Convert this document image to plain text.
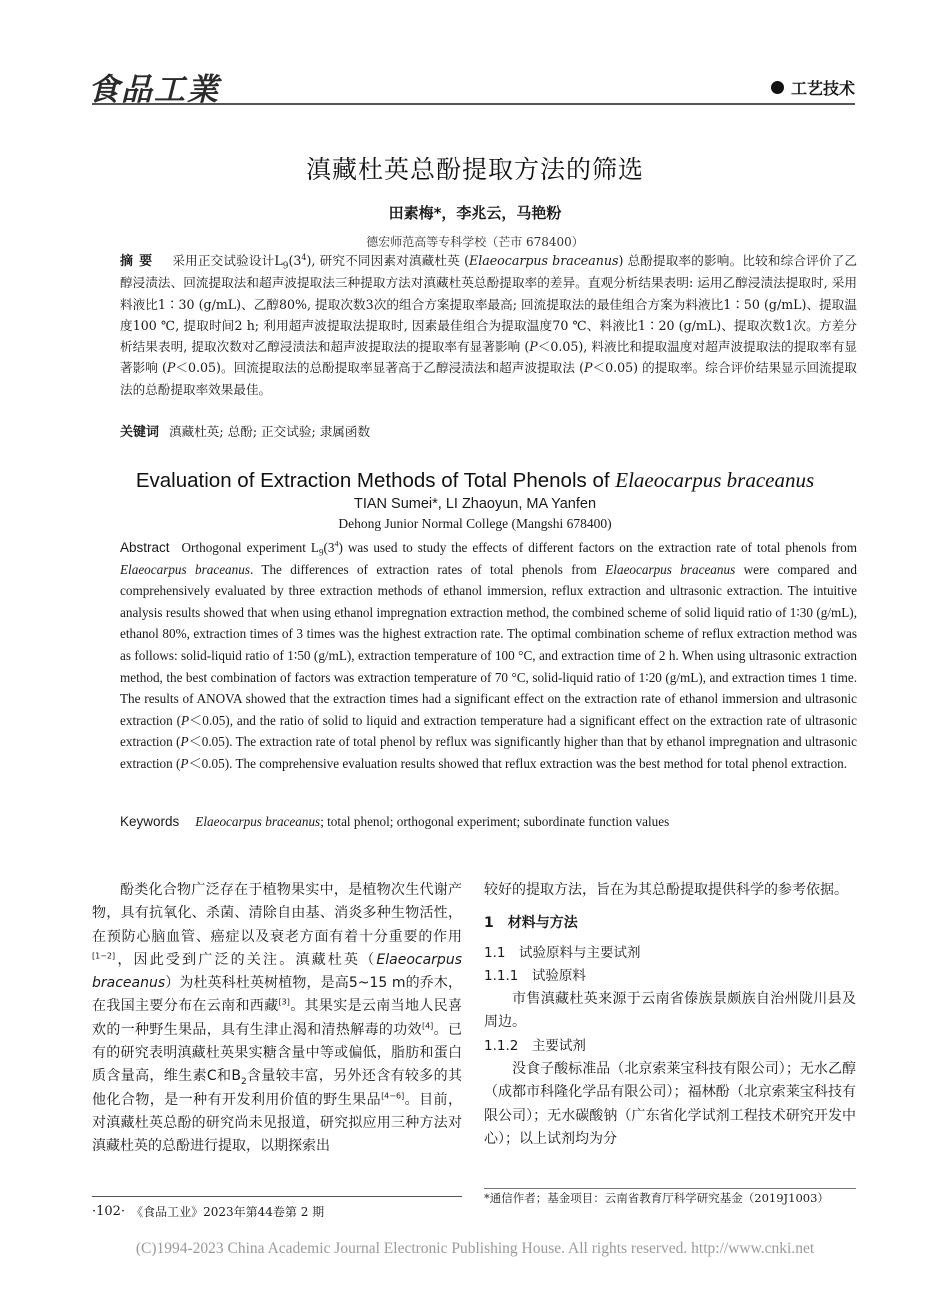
食品工業	工艺技术
滇藏杜英总酚提取方法的筛选
田素梅*，李兆云，马艳粉
德宏师范高等专科学校（芒市 678400）
摘要 采用正交试验设计$L_9(3^4)$, 研究不同因素对滇藏杜英 (Elaeocarpus braceanus) 总酚提取率的影响。比较和综合评价了乙醇浸渍法、回流提取法和超声波提取法三种提取方法对滇藏杜英总酚提取率的差异。直观分析结果表明: 运用乙醇浸渍法提取时, 采用料液比1∶30 (g/mL)、乙醇80%, 提取次数3次的组合方案提取率最高; 回流提取法的最佳组合方案为料液比1∶50 (g/mL)、提取温度100 ℃, 提取时间2 h; 利用超声波提取法提取时, 因素最佳组合为提取温度70 ℃、料液比1∶20 (g/mL)、提取次数1次。方差分析结果表明, 提取次数对乙醇浸渍法和超声波提取法的提取率有显著影响 (P＜0.05), 料液比和提取温度对超声波提取法的提取率有显著影响 (P＜0.05)。回流提取法的总酚提取率显著高于乙醇浸渍法和超声波提取法 (P＜0.05) 的提取率。综合评价结果显示回流提取法的总酚提取率效果最佳。
关键词 滇藏杜英; 总酚; 正交试验; 隶属函数
Evaluation of Extraction Methods of Total Phenols of Elaeocarpus braceanus
TIAN Sumei*, LI Zhaoyun, MA Yanfen
Dehong Junior Normal College (Mangshi 678400)
Abstract Orthogonal experiment $L_9(3^4)$ was used to study the effects of different factors on the extraction rate of total phenols from Elaeocarpus braceanus. The differences of extraction rates of total phenols from Elaeocarpus braceanus were compared and comprehensively evaluated by three extraction methods of ethanol immersion, reflux extraction and ultrasonic extraction. The intuitive analysis results showed that when using ethanol impregnation extraction method, the combined scheme of solid liquid ratio of 1∶30 (g/mL), ethanol 80%, extraction times of 3 times was the highest extraction rate. The optimal combination scheme of reflux extraction method was as follows: solid-liquid ratio of 1∶50 (g/mL), extraction temperature of 100 °C, and extraction time of 2 h. When using ultrasonic extraction method, the best combination of factors was extraction temperature of 70 °C, solid-liquid ratio of 1∶20 (g/mL), and extraction times 1 time. The results of ANOVA showed that the extraction times had a significant effect on the extraction rate of ethanol immersion and ultrasonic extraction (P＜0.05), and the ratio of solid to liquid and extraction temperature had a significant effect on the extraction rate of ultrasonic extraction (P＜0.05). The extraction rate of total phenol by reflux was significantly higher than that by ethanol impregnation and ultrasonic extraction (P＜0.05). The comprehensive evaluation results showed that reflux extraction was the best method for total phenol extraction.
Keywords Elaeocarpus braceanus; total phenol; orthogonal experiment; subordinate function values

酚类化合物广泛存在于植物果实中，是植物次生代谢产物，具有抗氧化、杀菌、清除自由基、消炎多种生物活性，在预防心脑血管、癌症以及衰老方面有着十分重要的作用[1−2]，因此受到广泛的关注。滇藏杜英（Elaeocarpus braceanus）为杜英科杜英树植物，是高5~15 m的乔木，在我国主要分布在云南和西藏[3]。其果实是云南当地人民喜欢的一种野生果品，具有生津止渴和清热解毒的功效[4]。已有的研究表明滇藏杜英果实糖含量中等或偏低，脂肪和蛋白质含量高，维生素C和$B_2$含量较丰富，另外还含有较多的其他化合物，是一种有开发利用价值的野生果品[4−6]。目前，对滇藏杜英总酚的研究尚未见报道，研究拟应用三种方法对滇藏杜英的总酚进行提取，以期探索出

较好的提取方法，旨在为其总酚提取提供科学的参考依据。

1　材料与方法

1.1　试验原料与主要试剂

1.1.1　试验原料

市售滇藏杜英来源于云南省傣族景颇族自治州陇川县及周边。

1.1.2　主要试剂

没食子酸标准品（北京索莱宝科技有限公司）；无水乙醇（成都市科隆化学品有限公司）；福林酚（北京索莱宝科技有限公司）；无水碳酸钠（广东省化学试剂工程技术研究开发中心）；以上试剂均为分

·102· 《食品工业》2023年第44卷第 2 期
*通信作者；基金项目：云南省教育厅科学研究基金（2019J1003）
(C)1994-2023 China Academic Journal Electronic Publishing House. All rights reserved. http://www.cnki.net
